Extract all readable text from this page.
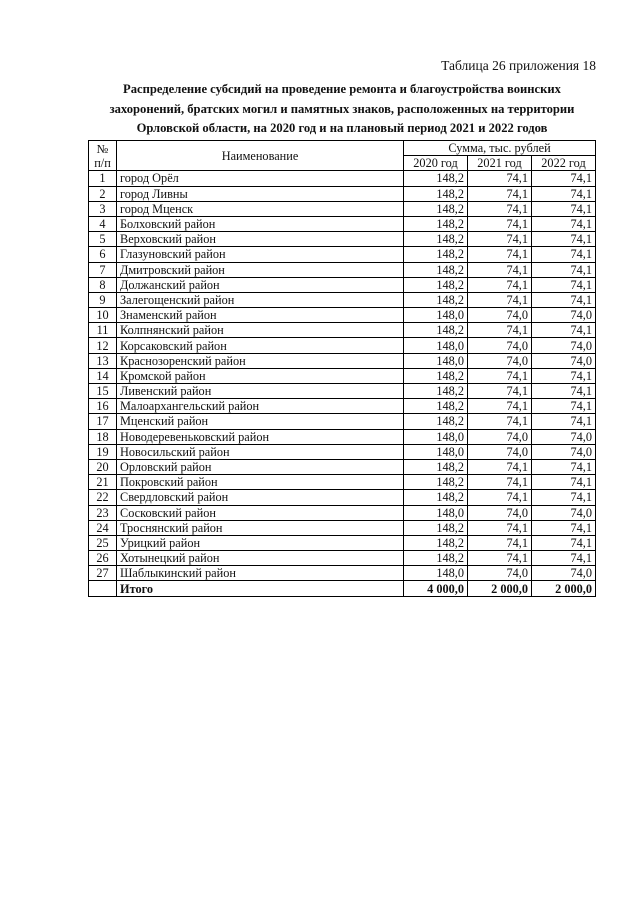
Таблица 26 приложения 18
Распределение субсидий на проведение ремонта и благоустройства воинских захоронений, братских могил и памятных знаков, расположенных на территории Орловской области, на 2020 год и на плановый период 2021 и 2022 годов
№
п/п	Наименование	Сумма, тыс. рублей		
		2020 год	2021 год	2022 год
1	город Орёл	148,2	74,1	74,1
2	город Ливны	148,2	74,1	74,1
3	город Мценск	148,2	74,1	74,1
4	Болховский район	148,2	74,1	74,1
5	Верховский район	148,2	74,1	74,1
6	Глазуновский район	148,2	74,1	74,1
7	Дмитровский район	148,2	74,1	74,1
8	Должанский район	148,2	74,1	74,1
9	Залегощенский район	148,2	74,1	74,1
10	Знаменский район	148,0	74,0	74,0
11	Колпнянский район	148,2	74,1	74,1
12	Корсаковский район	148,0	74,0	74,0
13	Краснозоренский район	148,0	74,0	74,0
14	Кромской район	148,2	74,1	74,1
15	Ливенский район	148,2	74,1	74,1
16	Малоархангельский район	148,2	74,1	74,1
17	Мценский район	148,2	74,1	74,1
18	Новодеревеньковский район	148,0	74,0	74,0
19	Новосильский район	148,0	74,0	74,0
20	Орловский район	148,2	74,1	74,1
21	Покровский район	148,2	74,1	74,1
22	Свердловский район	148,2	74,1	74,1
23	Сосковский район	148,0	74,0	74,0
24	Троснянский район	148,2	74,1	74,1
25	Урицкий район	148,2	74,1	74,1
26	Хотынецкий район	148,2	74,1	74,1
27	Шаблыкинский район	148,0	74,0	74,0
	Итого	4 000,0	2 000,0	2 000,0
